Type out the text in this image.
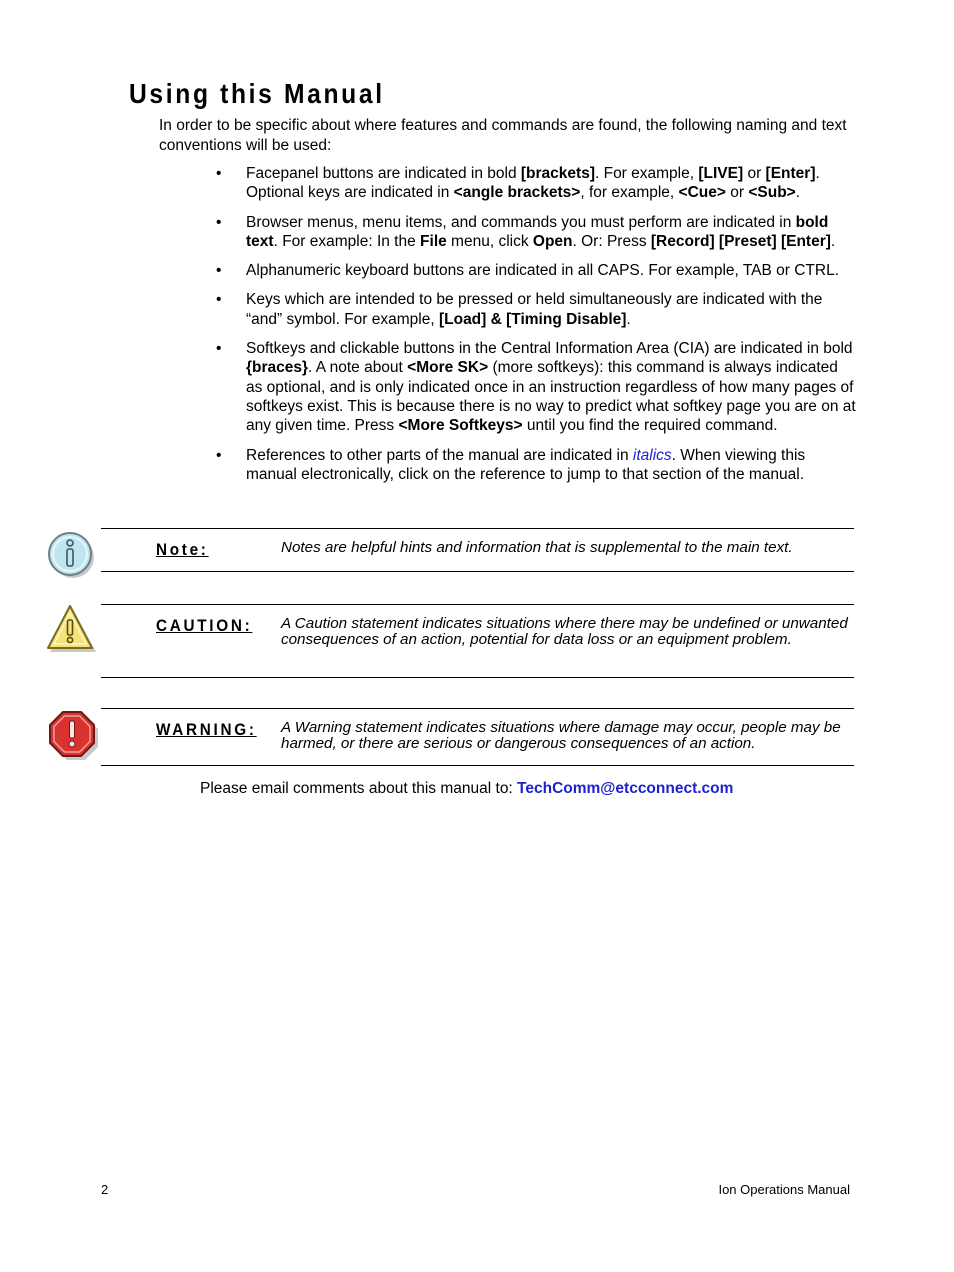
Using this Manual

In order to be specific about where features and commands are found, the following naming and text conventions will be used:

• Facepanel buttons are indicated in bold [brackets]. For example, [LIVE] or [Enter]. Optional keys are indicated in <angle brackets>, for example, <Cue> or <Sub>.
• Browser menus, menu items, and commands you must perform are indicated in bold text. For example: In the File menu, click Open. Or: Press [Record] [Preset] [Enter].
• Alphanumeric keyboard buttons are indicated in all CAPS. For example, TAB or CTRL.
• Keys which are intended to be pressed or held simultaneously are indicated with the “and” symbol. For example, [Load] & [Timing Disable].
• Softkeys and clickable buttons in the Central Information Area (CIA) are indicated in bold {braces}. A note about <More SK> (more softkeys): this command is always indicated as optional, and is only indicated once in an instruction regardless of how many pages of softkeys exist. This is because there is no way to predict what softkey page you are on at any given time. Press <More Softkeys> until you find the required command.
• References to other parts of the manual are indicated in italics. When viewing this manual electronically, click on the reference to jump to that section of the manual.
Note:	Notes are helpful hints and information that is supplemental to the main text.
CAUTION: A Caution statement indicates situations where there may be undefined or unwanted consequences of an action, potential for data loss or an equipment problem.
WARNING: A Warning statement indicates situations where damage may occur, people may be harmed, or there are serious or dangerous consequences of an action.
Please email comments about this manual to: TechComm@etcconnect.com
2	Ion Operations Manual
